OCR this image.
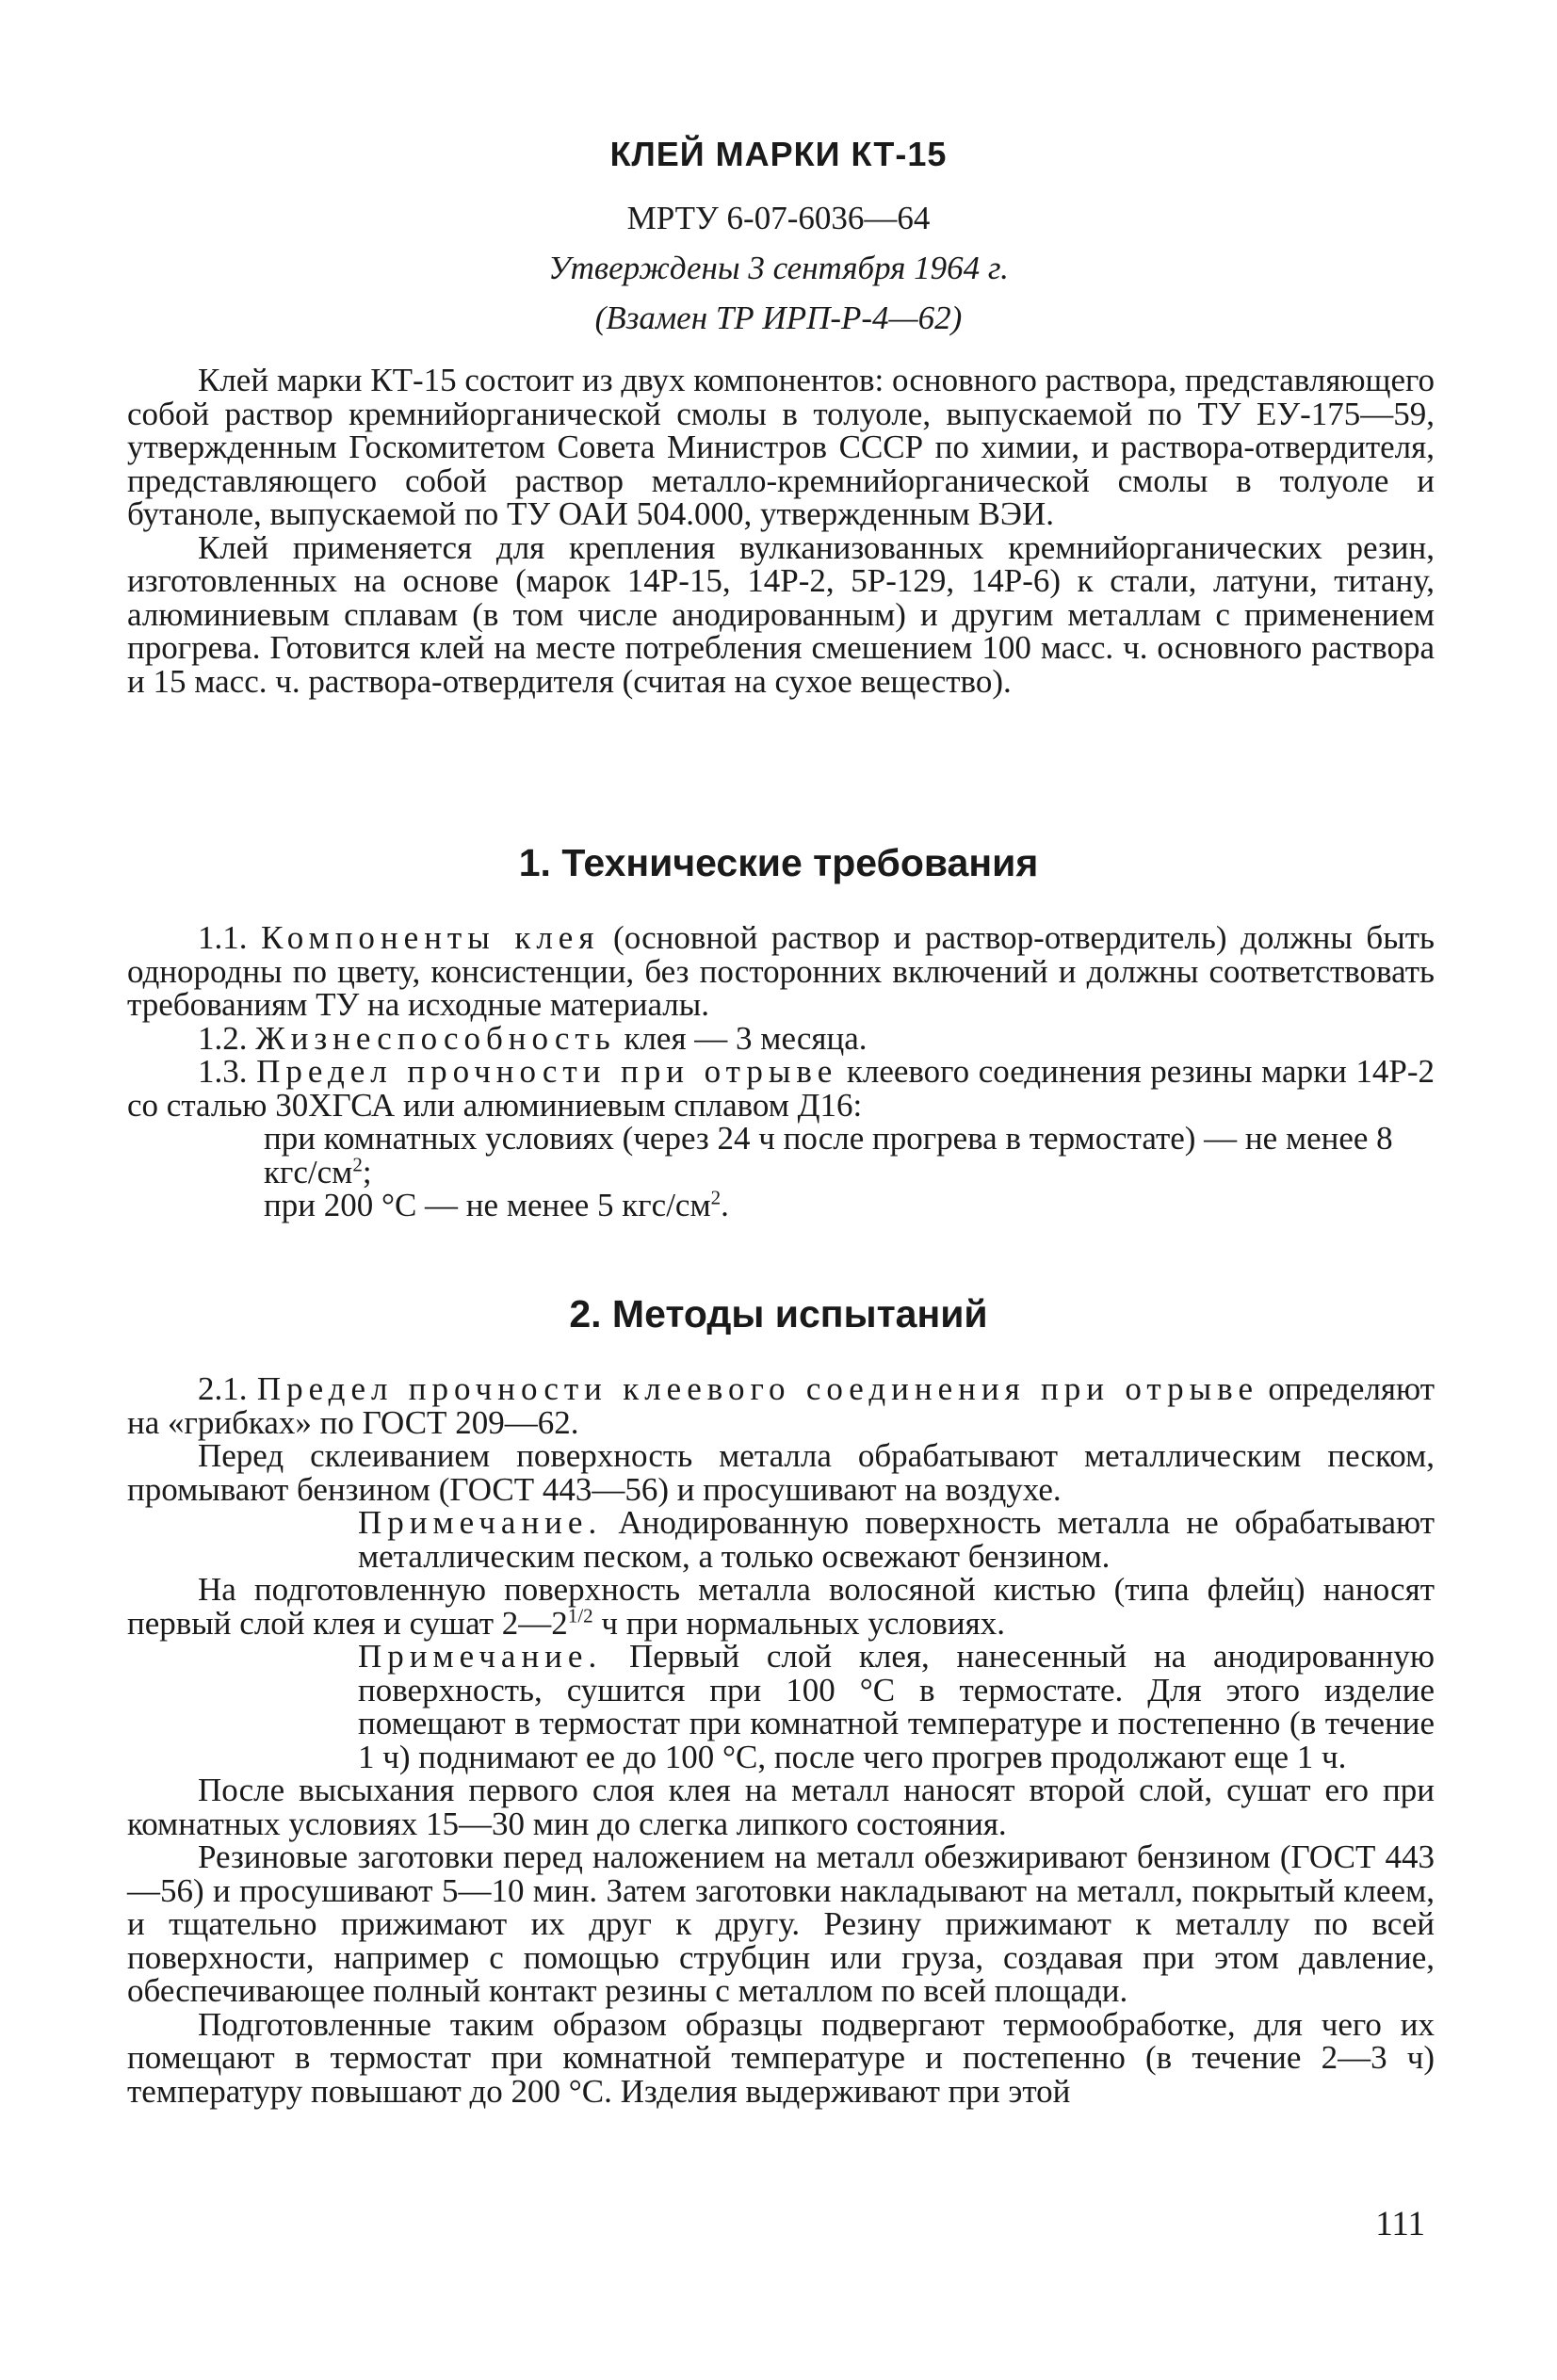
КЛЕЙ МАРКИ КТ-15
МРТУ 6-07-6036—64
Утверждены 3 сентября 1964 г.
(Взамен ТР ИРП-Р-4—62)

Клей марки КТ-15 состоит из двух компонентов: основного раствора, представляющего собой раствор кремнийорганической смолы в толуоле, выпускаемой по ТУ ЕУ-175—59, утвержденным Госкомитетом Совета Министров СССР по химии, и раствора-отвердителя, представляющего собой раствор металло-кремнийорганической смолы в толуоле и бутаноле, выпускаемой по ТУ ОАИ 504.000, утвержденным ВЭИ.

Клей применяется для крепления вулканизованных кремнийорганических резин, изготовленных на основе (марок 14Р-15, 14Р-2, 5Р-129, 14Р-6) к стали, латуни, титану, алюминиевым сплавам (в том числе анодированным) и другим металлам с применением прогрева. Готовится клей на месте потребления смешением 100 масс. ч. основного раствора и 15 масс. ч. раствора-отвердителя (считая на сухое вещество).

1. Технические требования

1.1. Компоненты клея (основной раствор и раствор-отвердитель) должны быть однородны по цвету, консистенции, без посторонних включений и должны соответствовать требованиям ТУ на исходные материалы.

1.2. Жизнеспособность клея — 3 месяца.

1.3. Предел прочности при отрыве клеевого соединения резины марки 14Р-2 со сталью 30ХГСА или алюминиевым сплавом Д16:

при комнатных условиях (через 24 ч после прогрева в термостате) — не менее 8 кгс/$см^2$;

при 200 °С — не менее 5 кгс/$см^2$.

2. Методы испытаний

2.1. Предел прочности клеевого соединения при отрыве определяют на «грибках» по ГОСТ 209—62.

Перед склеиванием поверхность металла обрабатывают металлическим песком, промывают бензином (ГОСТ 443—56) и просушивают на воздухе.

Примечание. Анодированную поверхность металла не обрабатывают металлическим песком, а только освежают бензином.

На подготовленную поверхность металла волосяной кистью (типа флейц) наносят первый слой клея и сушат $2—2^{1/2}$ ч при нормальных условиях.

Примечание. Первый слой клея, нанесенный на анодированную поверхность, сушится при 100 °С в термостате. Для этого изделие помещают в термостат при комнатной температуре и постепенно (в течение 1 ч) поднимают ее до 100 °С, после чего прогрев продолжают еще 1 ч.

После высыхания первого слоя клея на металл наносят второй слой, сушат его при комнатных условиях 15—30 мин до слегка липкого состояния.

Резиновые заготовки перед наложением на металл обезжиривают бензином (ГОСТ 443—56) и просушивают 5—10 мин. Затем заготовки накладывают на металл, покрытый клеем, и тщательно прижимают их друг к другу. Резину прижимают к металлу по всей поверхности, например с помощью струбцин или груза, создавая при этом давление, обеспечивающее полный контакт резины с металлом по всей площади.

Подготовленные таким образом образцы подвергают термообработке, для чего их помещают в термостат при комнатной температуре и постепенно (в течение 2—3 ч) температуру повышают до 200 °С. Изделия выдерживают при этой

111
